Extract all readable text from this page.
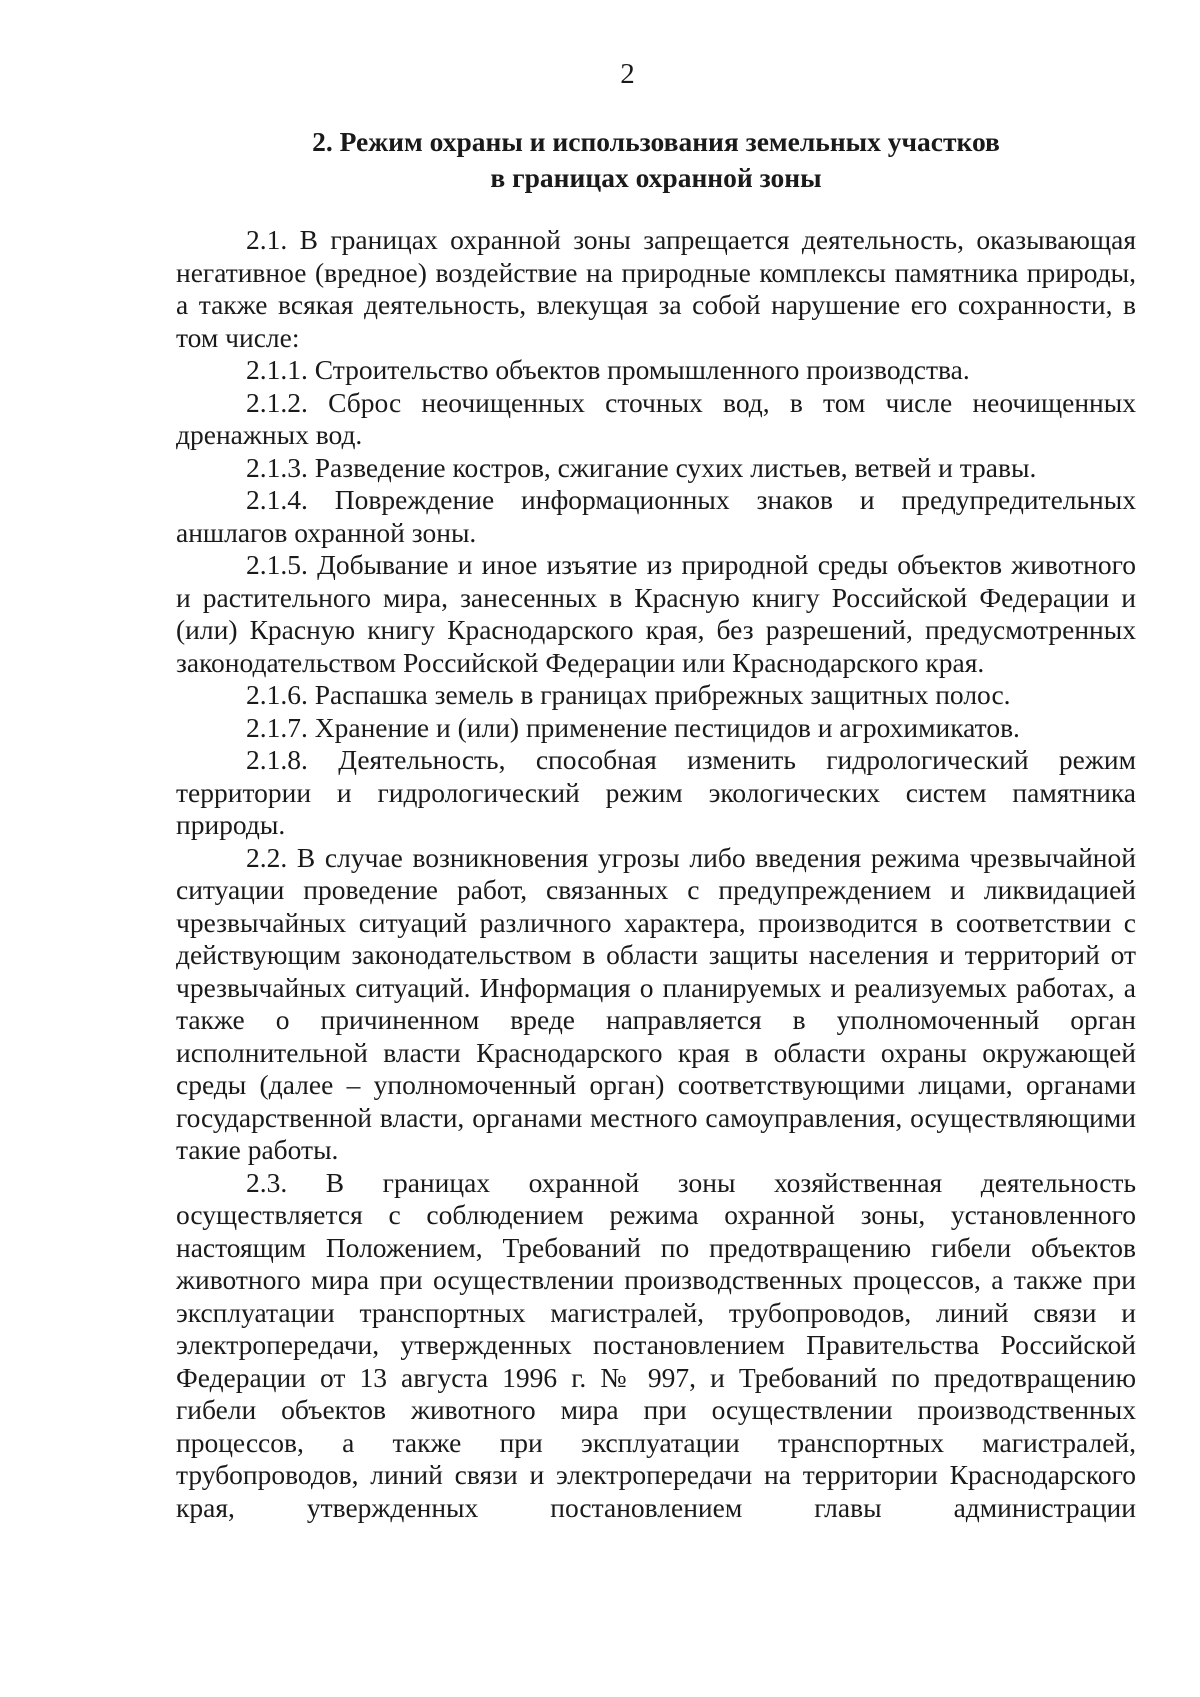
2
2. Режим охраны и использования земельных участков
в границах охранной зоны

2.1. В границах охранной зоны запрещается деятельность, оказывающая негативное (вредное) воздействие на природные комплексы памятника природы, а также всякая деятельность, влекущая за собой нарушение его сохранности, в том числе:

2.1.1. Строительство объектов промышленного производства.

2.1.2. Сброс неочищенных сточных вод, в том числе неочищенных дренажных вод.

2.1.3. Разведение костров, сжигание сухих листьев, ветвей и травы.

2.1.4. Повреждение информационных знаков и предупредительных аншлагов охранной зоны.

2.1.5. Добывание и иное изъятие из природной среды объектов животного и растительного мира, занесенных в Красную книгу Российской Федерации и (или) Красную книгу Краснодарского края, без разрешений, предусмотренных законодательством Российской Федерации или Краснодарского края.

2.1.6. Распашка земель в границах прибрежных защитных полос.

2.1.7. Хранение и (или) применение пестицидов и агрохимикатов.

2.1.8. Деятельность, способная изменить гидрологический режим территории и гидрологический режим экологических систем памятника природы.

2.2. В случае возникновения угрозы либо введения режима чрезвычайной ситуации проведение работ, связанных с предупреждением и ликвидацией чрезвычайных ситуаций различного характера, производится в соответствии с действующим законодательством в области защиты населения и территорий от чрезвычайных ситуаций. Информация о планируемых и реализуемых работах, а также о причиненном вреде направляется в уполномоченный орган исполнительной власти Краснодарского края в области охраны окружающей среды (далее – уполномоченный орган) соответствующими лицами, органами государственной власти, органами местного самоуправления, осуществляющими такие работы.

2.3. В границах охранной зоны хозяйственная деятельность осуществляется с соблюдением режима охранной зоны, установленного настоящим Положением, Требований по предотвращению гибели объектов животного мира при осуществлении производственных процессов, а также при эксплуатации транспортных магистралей, трубопроводов, линий связи и электропередачи, утвержденных постановлением Правительства Российской Федерации от 13 августа 1996 г. № 997, и Требований по предотвращению гибели объектов животного мира при осуществлении производственных процессов, а также при эксплуатации транспортных магистралей, трубопроводов, линий связи и электропередачи на территории Краснодарского края, утвержденных постановлением главы администрации
